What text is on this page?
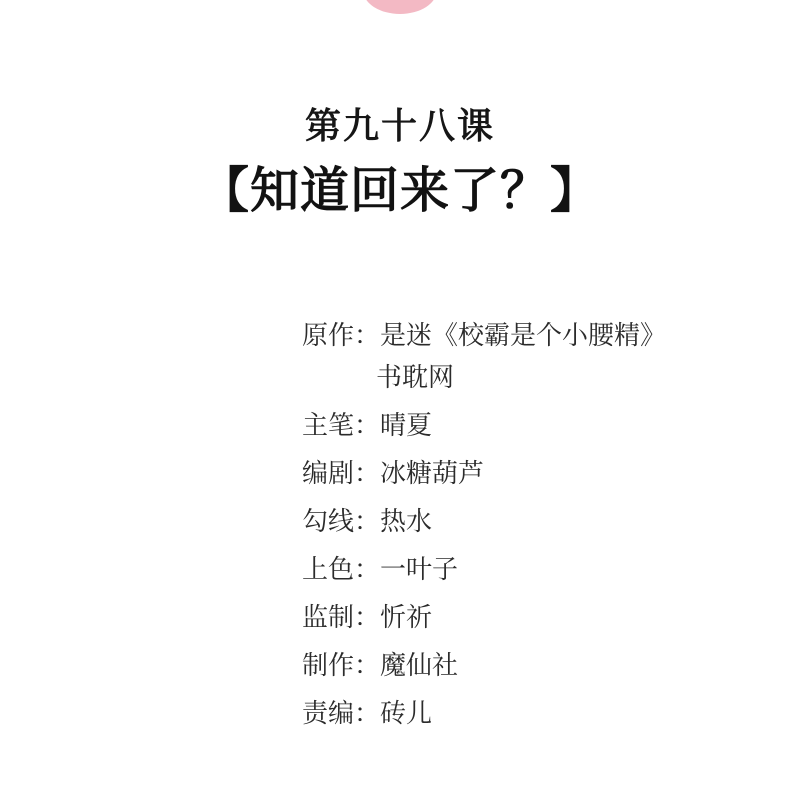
第九十八课
【知道回来了？】
原作： 是迷《校霸是个小腰精》
书耽网
主笔： 晴夏
编剧： 冰糖葫芦
勾线： 热水
上色： 一叶子
监制： 忻祈
制作： 魔仙社
责编： 砖儿
